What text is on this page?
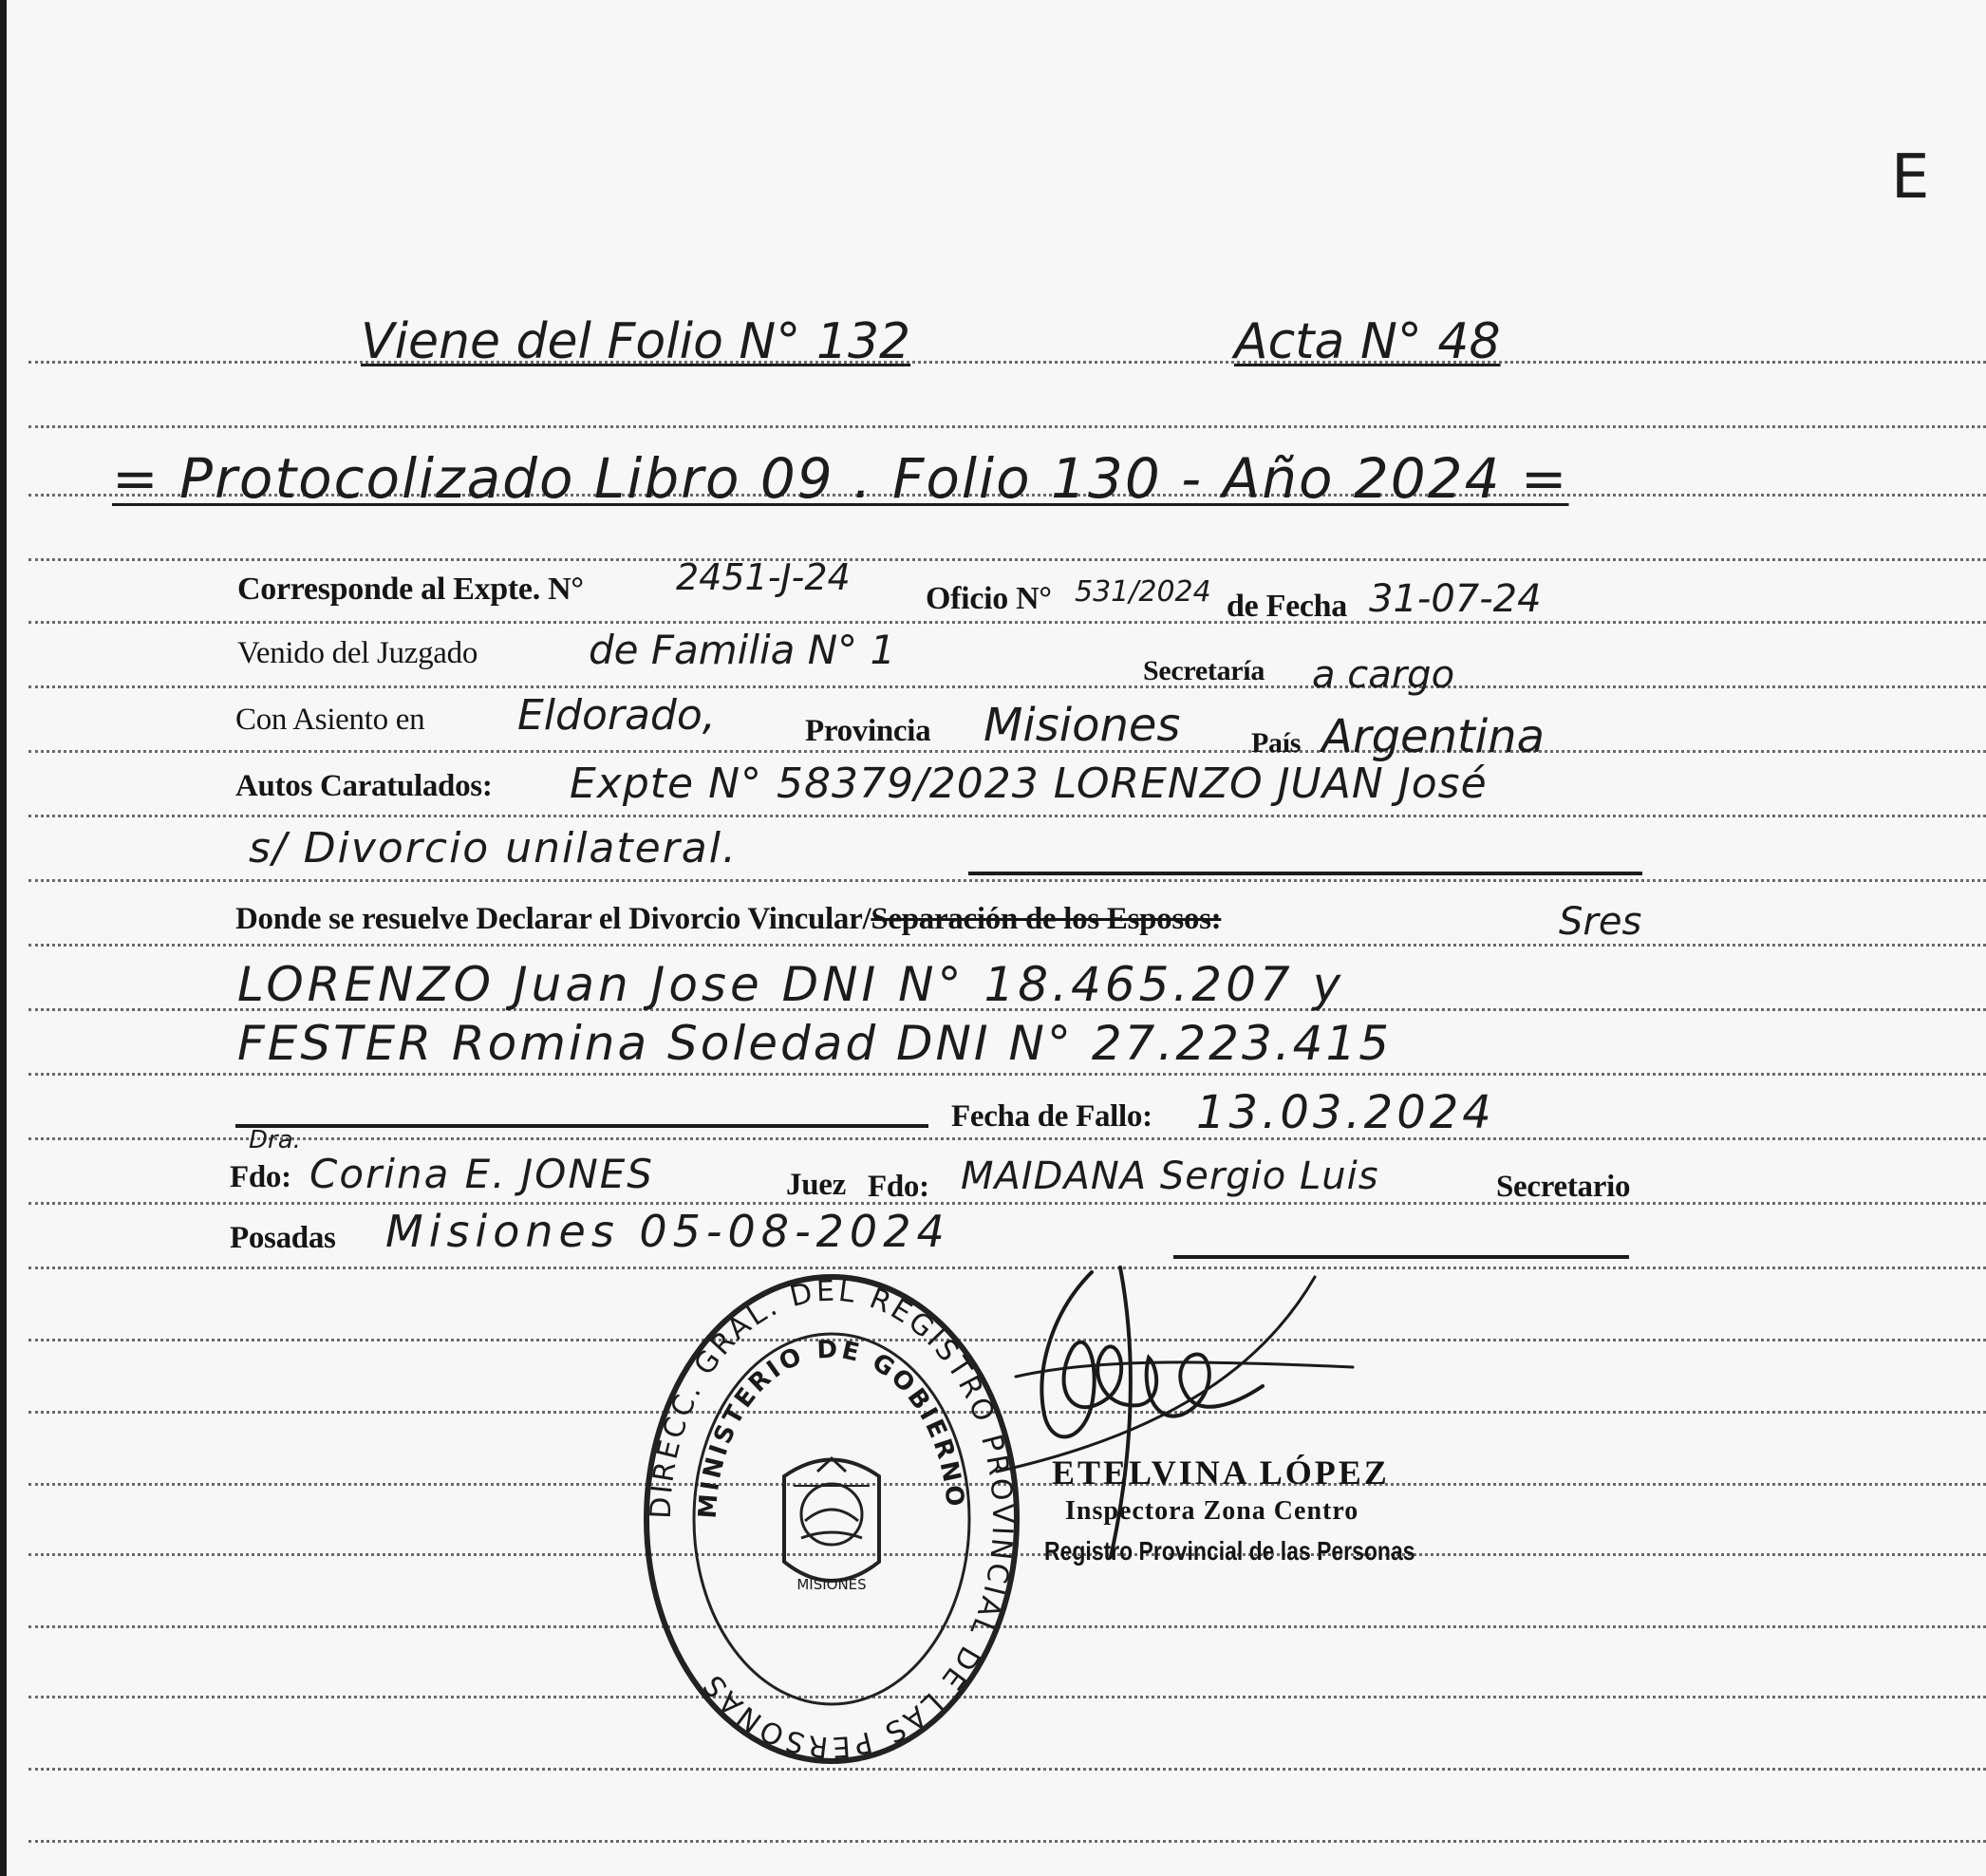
E
Viene del Folio N° 132	Acta N° 48
= Protocolizado Libro 09 . Folio 130 - Año 2024 =
Corresponde al Expte. N°	2451-J-24
Oficio N° 531/2024 de Fecha 31-07-24
Venido del Juzgado	de Familia N° 1	Secretaría a cargo
Con Asiento en Eldorado,	Provincia Misiones País Argentina
Autos Caratulados: Expte N° 58379/2023 LORENZO JUAN José
s/ Divorcio unilateral.
Donde se resuelve Declarar el Divorcio Vincular/Separación de los Esposos:	Sres
LORENZO Juan Jose DNI N° 18.465.207 y
FESTER Romina Soledad DNI N° 27.223.415
Fecha de Fallo: 13.03.2024
Dra.
Fdo: Corina E. JONES	Juez Fdo: MAIDANA Sergio Luis	Secretario
Posadas Misiones 05-08-2024
DIRECC. GRAL. DEL REGISTRO PROVINCIAL DE LAS PERSONAS
MINISTERIO DE GOBIERNO
MISIONES
ETELVINA LÓPEZ
Inspectora Zona Centro
Registro Provincial de las Personas
